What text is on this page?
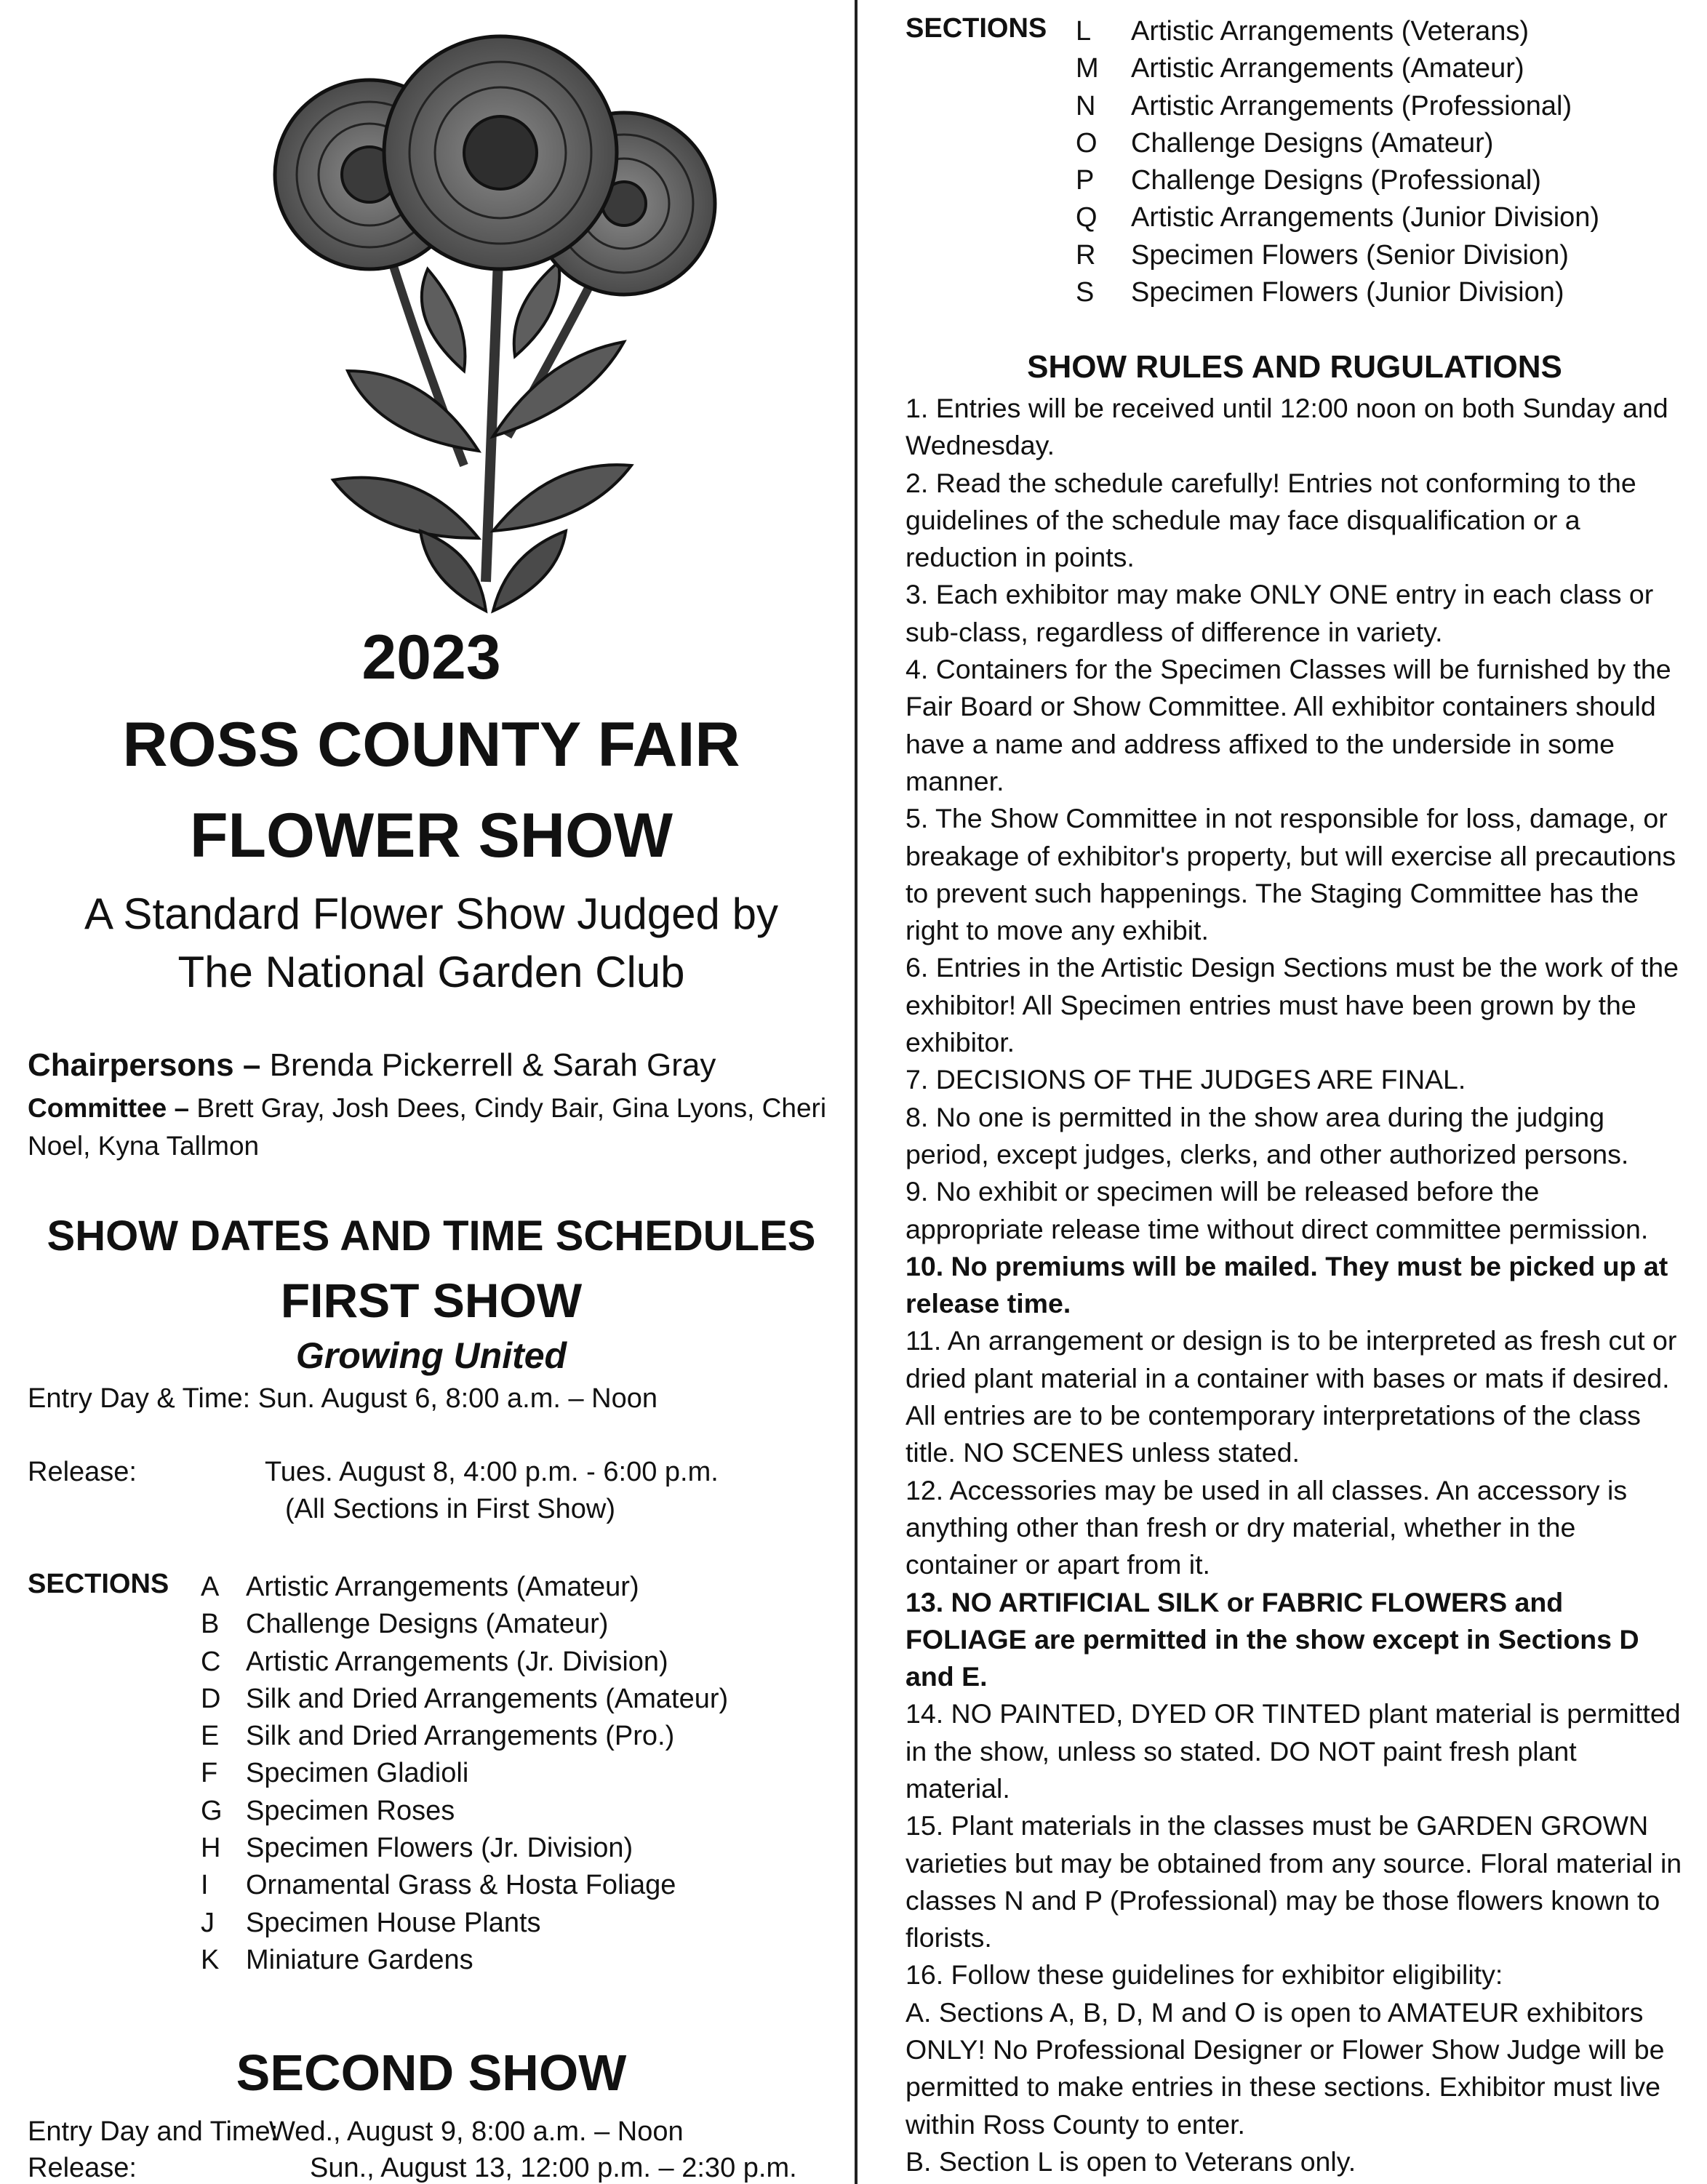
2023
ROSS COUNTY FAIR
FLOWER SHOW
A Standard Flower Show Judged by
The National Garden Club
Chairpersons – Brenda Pickerrell & Sarah Gray
Committee – Brett Gray, Josh Dees, Cindy Bair, Gina Lyons, Cheri Noel, Kyna Tallmon
SHOW DATES AND TIME SCHEDULES
FIRST SHOW
Growing United
Entry Day & Time: Sun. August 6, 8:00 a.m. – Noon
Release:	Tues. August 8, 4:00 p.m. - 6:00 p.m.
(All Sections in First Show)
SECTIONS A Artistic Arrangements (Amateur)
B Challenge Designs (Amateur)
C Artistic Arrangements (Jr. Division)
D Silk and Dried Arrangements (Amateur)
E Silk and Dried Arrangements (Pro.)
F	Specimen Gladioli
G Specimen Roses
H Specimen Flowers (Jr. Division)
I	Ornamental Grass & Hosta Foliage
J	Specimen House Plants
K Miniature Gardens
SECOND SHOW
Entry Day and Time:
Wed., August 9, 8:00 a.m. – Noon
Release:	Sun., August 13, 12:00 p.m. – 2:30 p.m.
SECTIONS L	Artistic Arrangements (Veterans)
M	Artistic Arrangements (Amateur)
N	Artistic Arrangements (Professional)
O	Challenge Designs (Amateur)
P	Challenge Designs (Professional)
Q	Artistic Arrangements (Junior Division)
R	Specimen Flowers (Senior Division)
S	Specimen Flowers (Junior Division)
SHOW RULES AND RUGULATIONS

1. Entries will be received until 12:00 noon on both Sunday and Wednesday.

2. Read the schedule carefully! Entries not conforming to the guidelines of the schedule may face disqualification or a reduction in points.

3. Each exhibitor may make ONLY ONE entry in each class or sub-class, regardless of difference in variety.

4. Containers for the Specimen Classes will be furnished by the Fair Board or Show Committee. All exhibitor containers should have a name and address affixed to the underside in some manner.

5. The Show Committee in not responsible for loss, damage, or breakage of exhibitor's property, but will exercise all precautions to prevent such happenings. The Staging Committee has the right to move any exhibit.

6. Entries in the Artistic Design Sections must be the work of the exhibitor! All Specimen entries must have been grown by the exhibitor.

7. DECISIONS OF THE JUDGES ARE FINAL.

8. No one is permitted in the show area during the judging period, except judges, clerks, and other authorized persons.

9. No exhibit or specimen will be released before the appropriate release time without direct committee permission.

10. No premiums will be mailed. They must be picked up at release time.

11. An arrangement or design is to be interpreted as fresh cut or dried plant material in a container with bases or mats if desired. All entries are to be contemporary interpretations of the class title. NO SCENES unless stated.

12. Accessories may be used in all classes. An accessory is anything other than fresh or dry material, whether in the container or apart from it.

13. NO ARTIFICIAL SILK or FABRIC FLOWERS and FOLIAGE are permitted in the show except in Sections D and E.

14. NO PAINTED, DYED OR TINTED plant material is permitted in the show, unless so stated. DO NOT paint fresh plant material.

15. Plant materials in the classes must be GARDEN GROWN varieties but may be obtained from any source. Floral material in classes N and P (Professional) may be those flowers known to florists.

16. Follow these guidelines for exhibitor eligibility:

A. Sections A, B, D, M and O is open to AMATEUR exhibitors ONLY! No Professional Designer or Flower Show Judge will be permitted to make entries in these sections. Exhibitor must live within Ross County to enter.

B. Section L is open to Veterans only.
